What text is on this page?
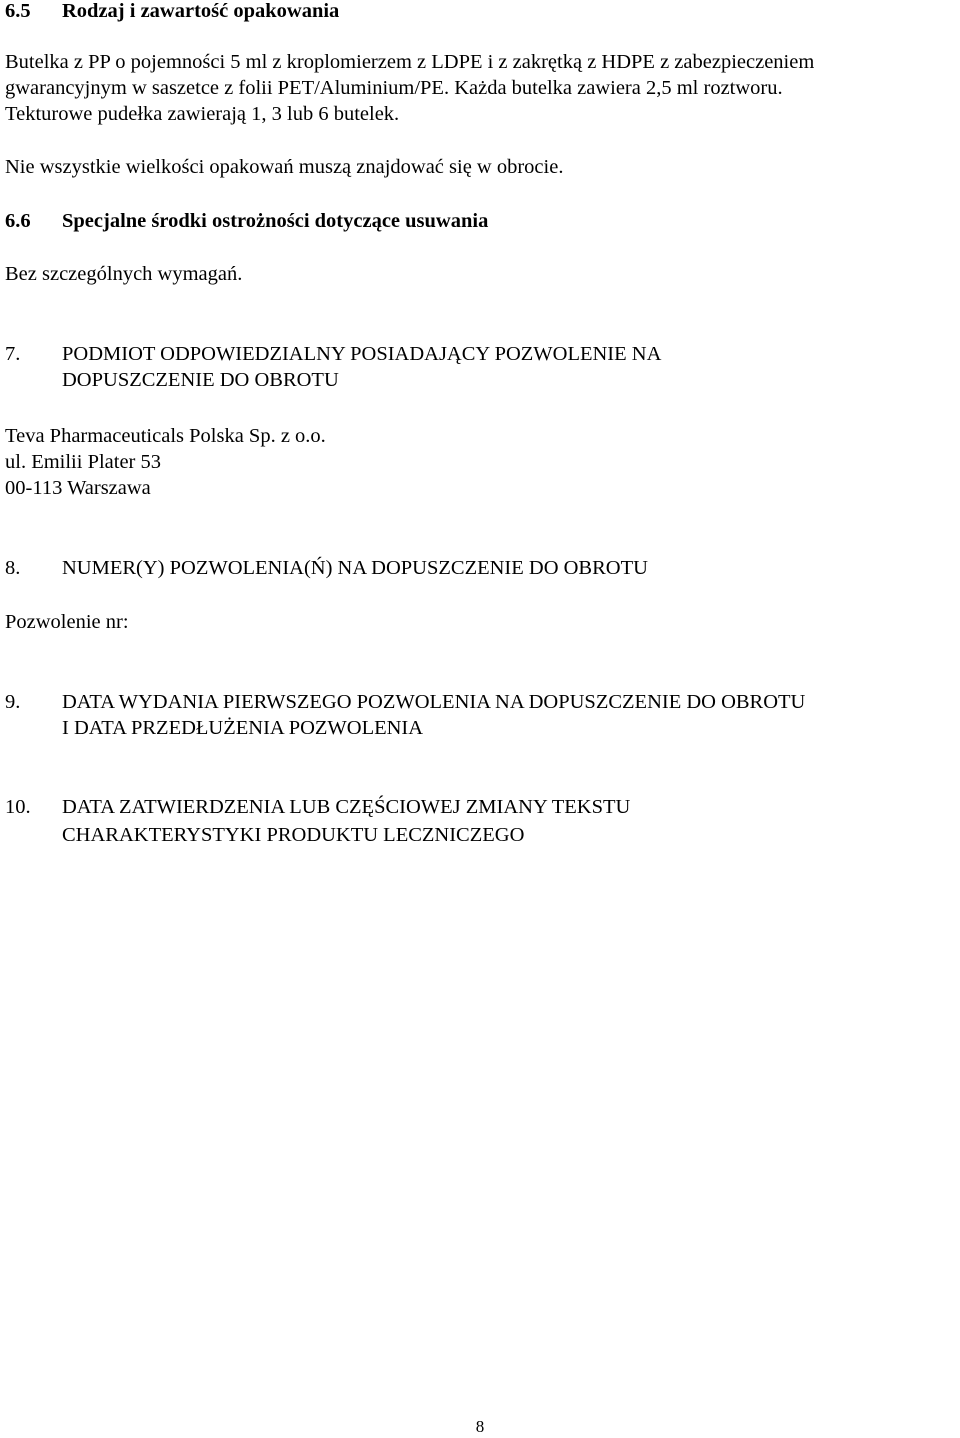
6.5 Rodzaj i zawartość opakowania
Butelka z PP o pojemności 5 ml z kroplomierzem z LDPE i z zakrętką z HDPE z zabezpieczeniem
gwarancyjnym w saszetce z folii PET/Aluminium/PE. Każda butelka zawiera 2,5 ml roztworu.
Tekturowe pudełka zawierają 1, 3 lub 6 butelek.
Nie wszystkie wielkości opakowań muszą znajdować się w obrocie.
6.6 Specjalne środki ostrożności dotyczące usuwania
Bez szczególnych wymagań.
7. PODMIOT ODPOWIEDZIALNY POSIADAJĄCY POZWOLENIE NA
DOPUSZCZENIE DO OBROTU
Teva Pharmaceuticals Polska Sp. z o.o.
ul. Emilii Plater 53
00-113 Warszawa
8. NUMER(Y) POZWOLENIA(Ń) NA DOPUSZCZENIE DO OBROTU
Pozwolenie nr:
9. DATA WYDANIA PIERWSZEGO POZWOLENIA NA DOPUSZCZENIE DO OBROTU
I DATA PRZEDŁUŻENIA POZWOLENIA
10. DATA ZATWIERDZENIA LUB CZĘŚCIOWEJ ZMIANY TEKSTU
CHARAKTERYSTYKI PRODUKTU LECZNICZEGO
8
